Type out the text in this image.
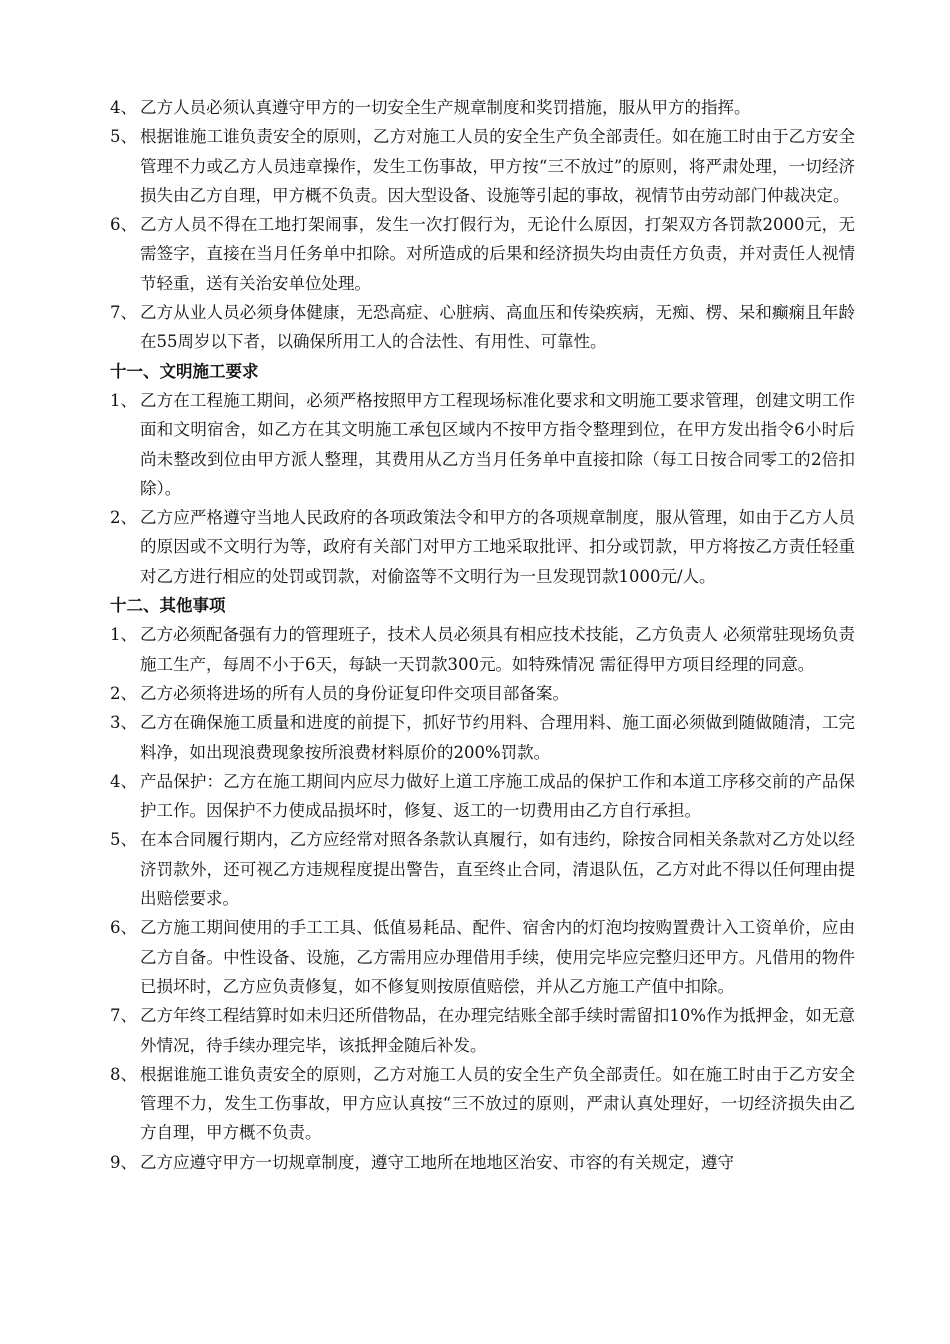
4、 乙方人员必须认真遵守甲方的一切安全生产规章制度和奖罚措施，服从甲方的指挥。
5、 根据谁施工谁负责安全的原则，乙方对施工人员的安全生产负全部责任。如在施工时由于乙方安全管理不力或乙方人员违章操作，发生工伤事故，甲方按“三不放过”的原则，将严肃处理，一切经济损失由乙方自理，甲方概不负责。因大型设备、设施等引起的事故，视情节由劳动部门仲裁决定。
6、 乙方人员不得在工地打架闹事，发生一次打假行为，无论什么原因，打架双方各罚款2000元，无需签字，直接在当月任务单中扣除。对所造成的后果和经济损失均由责任方负责，并对责任人视情节轻重，送有关治安单位处理。
7、 乙方从业人员必须身体健康，无恐高症、心脏病、高血压和传染疾病，无痴、楞、呆和癫痫且年龄在55周岁以下者，以确保所用工人的合法性、有用性、可靠性。
十一、文明施工要求
1、 乙方在工程施工期间，必须严格按照甲方工程现场标准化要求和文明施工要求管理，创建文明工作面和文明宿舍，如乙方在其文明施工承包区域内不按甲方指令整理到位，在甲方发出指令6小时后尚未整改到位由甲方派人整理，其费用从乙方当月任务单中直接扣除（每工日按合同零工的2倍扣除）。
2、 乙方应严格遵守当地人民政府的各项政策法令和甲方的各项规章制度，服从管理，如由于乙方人员的原因或不文明行为等，政府有关部门对甲方工地采取批评、扣分或罚款，甲方将按乙方责任轻重对乙方进行相应的处罚或罚款，对偷盗等不文明行为一旦发现罚款1000元/人。
十二、其他事项
1、 乙方必须配备强有力的管理班子，技术人员必须具有相应技术技能，乙方负责人 必须常驻现场负责施工生产，每周不小于6天，每缺一天罚款300元。如特殊情况 需征得甲方项目经理的同意。
2、 乙方必须将进场的所有人员的身份证复印件交项目部备案。
3、 乙方在确保施工质量和进度的前提下，抓好节约用料、合理用料、施工面必须做到随做随清，工完料净，如出现浪费现象按所浪费材料原价的200%罚款。
4、 产品保护：乙方在施工期间内应尽力做好上道工序施工成品的保护工作和本道工序移交前的产品保护工作。因保护不力使成品损坏时，修复、返工的一切费用由乙方自行承担。
5、 在本合同履行期内，乙方应经常对照各条款认真履行，如有违约，除按合同相关条款对乙方处以经济罚款外，还可视乙方违规程度提出警告，直至终止合同，清退队伍，乙方对此不得以任何理由提出赔偿要求。
6、 乙方施工期间使用的手工工具、低值易耗品、配件、宿舍内的灯泡均按购置费计入工资单价，应由乙方自备。中性设备、设施，乙方需用应办理借用手续，使用完毕应完整归还甲方。凡借用的物件已损坏时，乙方应负责修复，如不修复则按原值赔偿，并从乙方施工产值中扣除。
7、 乙方年终工程结算时如未归还所借物品，在办理完结账全部手续时需留扣10%作为抵押金，如无意外情况，待手续办理完毕，该抵押金随后补发。
8、 根据谁施工谁负责安全的原则，乙方对施工人员的安全生产负全部责任。如在施工时由于乙方安全管理不力，发生工伤事故，甲方应认真按“三不放过的原则，严肃认真处理好，一切经济损失由乙方自理，甲方概不负责。
9、 乙方应遵守甲方一切规章制度，遵守工地所在地地区治安、市容的有关规定，遵守
